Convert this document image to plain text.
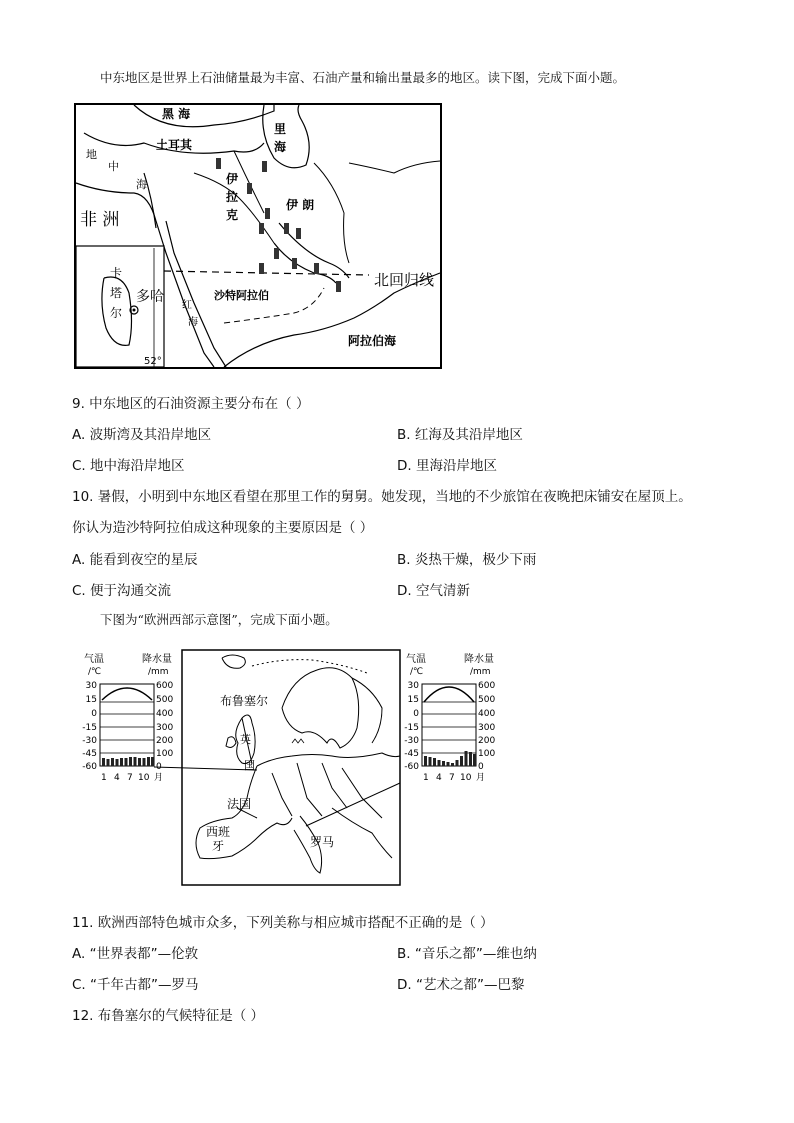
中东地区是世界上石油储量最为丰富、石油产量和输出量最多的地区。读下图，完成下面小题。
黑 海
土耳其
里
海
地
中
海	伊
拉
克
伊 朗
非 洲
北回归线
卡
塔
尔
多哈
52°
沙特阿拉伯
红
海
阿拉伯海
9. 中东地区的石油资源主要分布在（ ）
A. 波斯湾及其沿岸地区	B. 红海及其沿岸地区
C. 地中海沿岸地区	D. 里海沿岸地区
10. 暑假，小明到中东地区看望在那里工作的舅舅。她发现，当地的不少旅馆在夜晚把床铺安在屋顶上。
你认为造沙特阿拉伯成这种现象的主要原因是（ ）
A. 能看到夜空的星辰	B. 炎热干燥，极少下雨
C. 便于沟通交流	D. 空气清新
下图为“欧洲西部示意图”，完成下面小题。
气温
/℃
降水量
/mm
30
15
0
-15
-30
-45
-60
600
500
400
300
200
100
0
1 4 7 10 月
布鲁塞尔
英
国
法国
西班
牙	罗马
气温
/℃
降水量
/mm
30
15
0
-15
-30
-45
-60
600
500
400
300
200
100
0
1 4 7 10 月
11. 欧洲西部特色城市众多，下列美称与相应城市搭配不正确的是（ ）
A. “世界表都”—伦敦	B. “音乐之都”—维也纳
C. “千年古都”—罗马	D. “艺术之都”—巴黎
12. 布鲁塞尔的气候特征是（ ）
